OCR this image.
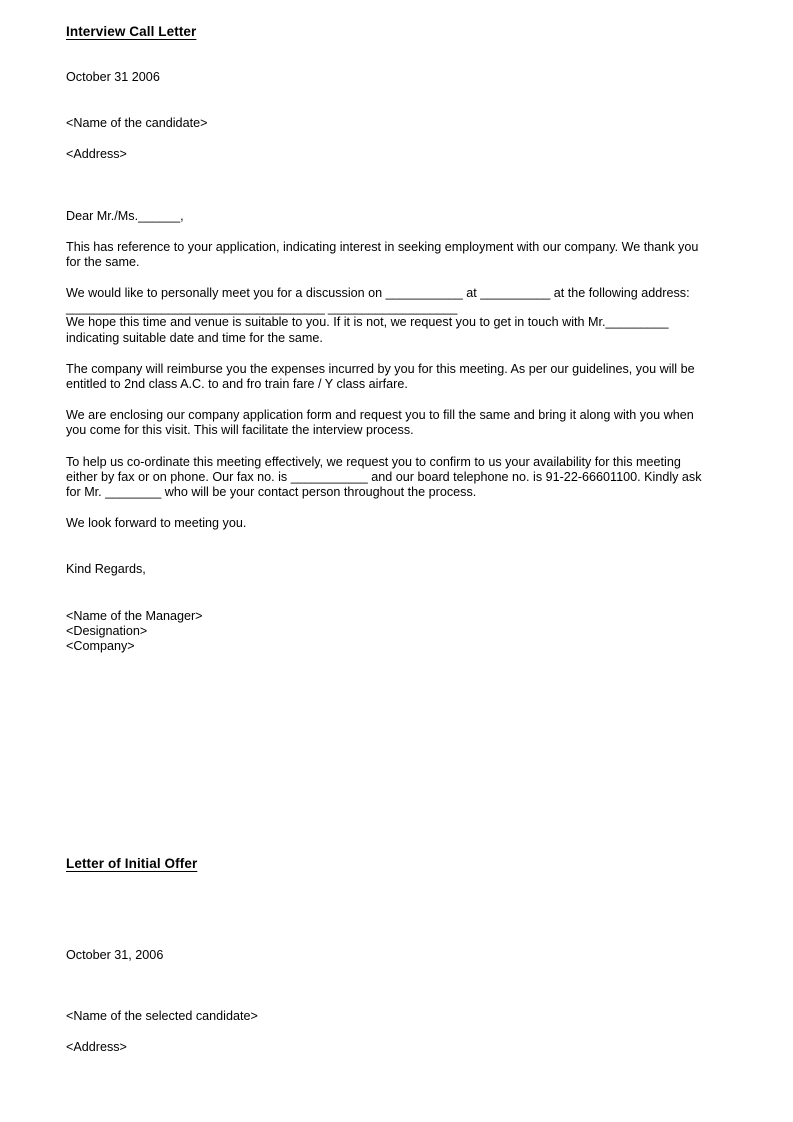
Interview Call Letter
October 31 2006
<Name of the candidate>
<Address>
Dear Mr./Ms.______,
This has reference to your application, indicating interest in seeking employment with our company. We thank you for the same.
We would like to personally meet you for a discussion on ___________ at __________ at the following address:
______________________________________ ___________________
We hope this time and venue is suitable to you. If it is not, we request you to get in touch with Mr._________ indicating suitable date and time for the same.
The company will reimburse you the expenses incurred by you for this meeting. As per our guidelines, you will be entitled to 2nd class A.C. to and fro train fare / Y class airfare.
We are enclosing our company application form and request you to fill the same and bring it along with you when you come for this visit. This will facilitate the interview process.
To help us co-ordinate this meeting effectively, we request you to confirm to us your availability for this meeting either by fax or on phone. Our fax no. is ___________ and our board telephone no. is 91-22-66601100. Kindly ask for Mr. ________ who will be your contact person throughout the process.
We look forward to meeting you.
Kind Regards,
<Name of the Manager>
<Designation>
<Company>
Letter of Initial Offer
October 31, 2006
<Name of the selected candidate>
<Address>
